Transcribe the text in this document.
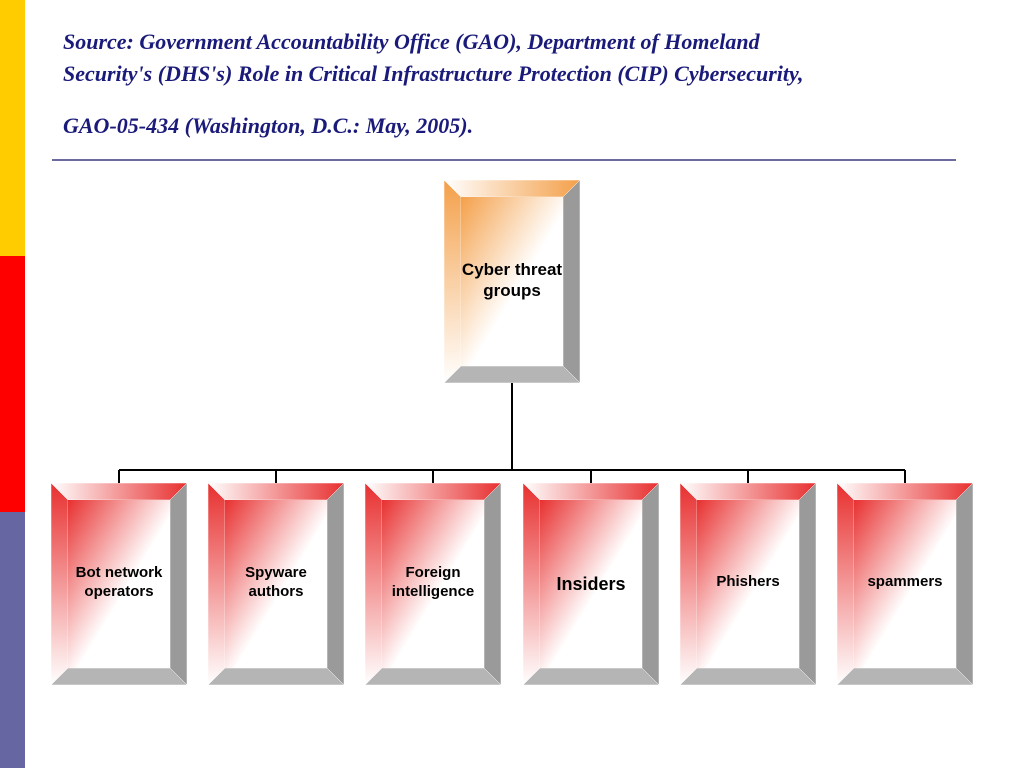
Source: Government Accountability Office (GAO), Department of Homeland

Security's (DHS's) Role in Critical Infrastructure Protection (CIP) Cybersecurity,

GAO-05-434 (Washington, D.C.: May, 2005).

Cyber threat groups
Bot network operators
Spyware authors
Foreign intelligence	Insiders	Phishers	spammers
